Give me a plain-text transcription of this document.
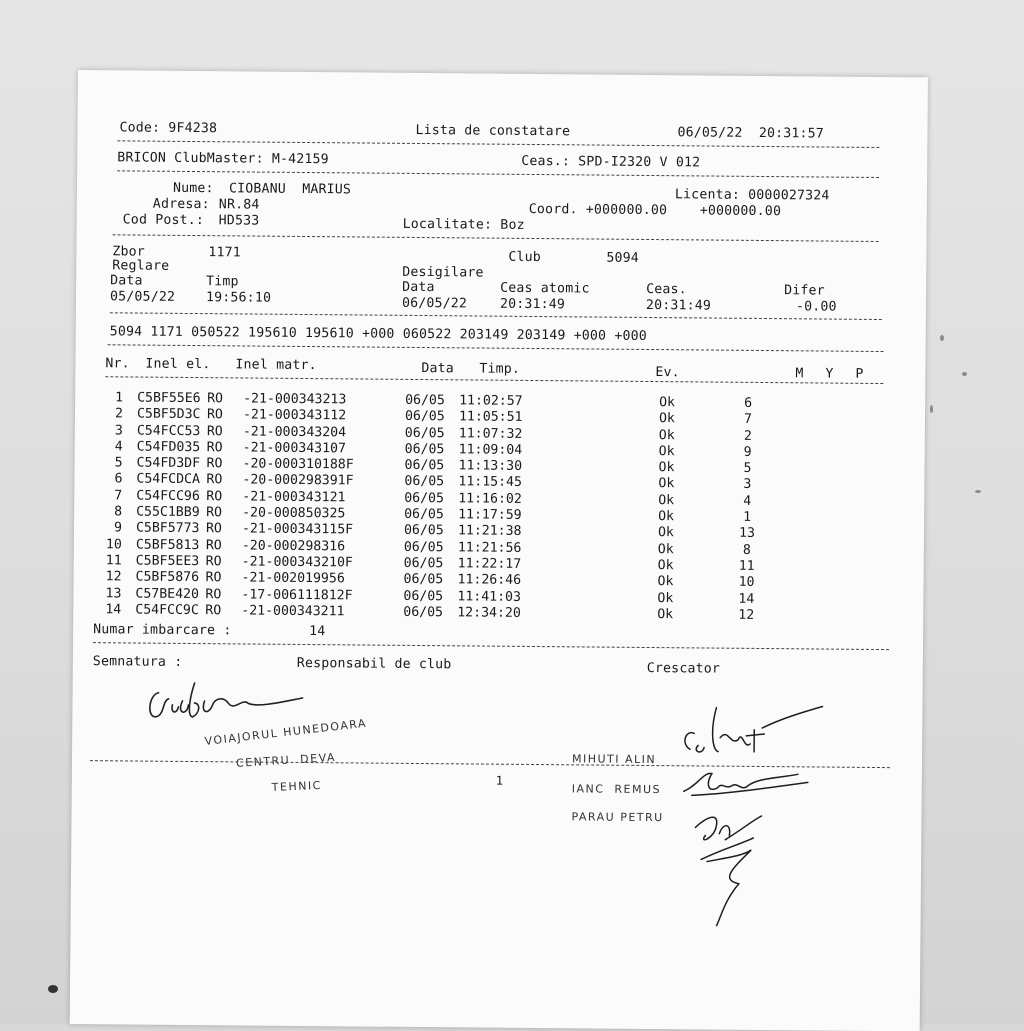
Code: 9F4238	Lista de constatare	06/05/22  20:31:57
BRICON ClubMaster: M-42159	Ceas.: SPD-I2320 V 012
Nume: CIOBANU  MARIUS	Licenta: 0000027324
Adresa: NR.84	Coord. +000000.00    +000000.00
Cod Post.: HD533	Localitate: Boz
Zbor	1171	Club	5094
Reglare	Desigilare
Data	Timp	Data	Ceas atomic	Ceas.	Difer
05/05/22 19:56:10	06/05/22 20:31:49	20:31:49	-0.00
5094 1171 050522 195610 195610 +000 060522 203149 203149 +000 +000
Nr. Inel el. Inel matr.	Data Timp.	Ev.	M Y P
1 C5BF55E6 RO -21-000343213	06/05 11:02:57	Ok	6
2 C5BF5D3C RO -21-000343112	06/05 11:05:51	Ok	7
3 C54FCC53 RO -21-000343204	06/05 11:07:32	Ok	2
4 C54FD035 RO -21-000343107	06/05 11:09:04	Ok	9
5 C54FD3DF RO -20-000310188F	06/05 11:13:30	Ok	5
6 C54FCDCA RO -20-000298391F	06/05 11:15:45	Ok	3
7 C54FCC96 RO -21-000343121	06/05 11:16:02	Ok	4
8 C55C1BB9 RO -20-000850325	06/05 11:17:59	Ok	1
9 C5BF5773 RO -21-000343115F	06/05 11:21:38	Ok	13
10 C5BF5813 RO -20-000298316	06/05 11:21:56	Ok	8
11 C5BF5EE3 RO -21-000343210F	06/05 11:22:17	Ok	11
12 C5BF5876 RO -21-002019956	06/05 11:26:46	Ok	10
13 C57BE420 RO -17-006111812F	06/05 11:41:03	Ok	14
14 C54FCC9C RO -21-000343211	06/05 12:34:20	Ok	12
Numar imbarcare :	14
Semnatura :	Responsabil de club	Crescator
VOIAJORUL HUNEDOARA
CENTRU  DEVA
TEHNIC	1
MIHUTI ALIN
IANC  REMUS
PARAU PETRU
